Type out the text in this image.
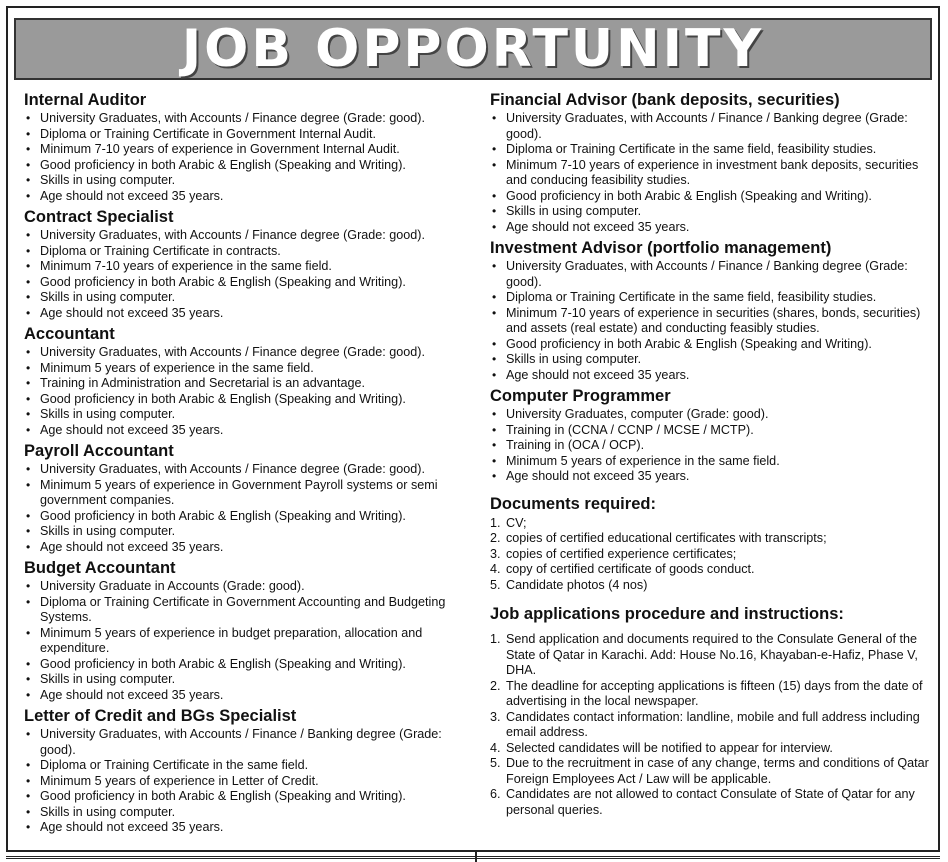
JOB OPPORTUNITY
Internal Auditor
• University Graduates, with Accounts / Finance degree (Grade: good).
• Diploma or Training Certificate in Government Internal Audit.
• Minimum 7-10 years of experience in Government Internal Audit.
• Good proficiency in both Arabic & English (Speaking and Writing).
• Skills in using computer.
• Age should not exceed 35 years.
Contract Specialist
• University Graduates, with Accounts / Finance degree (Grade: good).
• Diploma or Training Certificate in contracts.
• Minimum 7-10 years of experience in the same field.
• Good proficiency in both Arabic & English (Speaking and Writing).
• Skills in using computer.
• Age should not exceed 35 years.
Accountant
• University Graduates, with Accounts / Finance degree (Grade: good).
• Minimum 5 years of experience in the same field.
• Training in Administration and Secretarial is an advantage.
• Good proficiency in both Arabic & English (Speaking and Writing).
• Skills in using computer.
• Age should not exceed 35 years.
Payroll Accountant
• University Graduates, with Accounts / Finance degree (Grade: good).
• Minimum 5 years of experience in Government Payroll systems or semi government companies.
• Good proficiency in both Arabic & English (Speaking and Writing).
• Skills in using computer.
• Age should not exceed 35 years.
Budget Accountant
• University Graduate in Accounts (Grade: good).
• Diploma or Training Certificate in Government Accounting and Budgeting Systems.
• Minimum 5 years of experience in budget preparation, allocation and expenditure.
• Good proficiency in both Arabic & English (Speaking and Writing).
• Skills in using computer.
• Age should not exceed 35 years.
Letter of Credit and BGs Specialist
• University Graduates, with Accounts / Finance / Banking degree (Grade: good).
• Diploma or Training Certificate in the same field.
• Minimum 5 years of experience in Letter of Credit.
• Good proficiency in both Arabic & English (Speaking and Writing).
• Skills in using computer.
• Age should not exceed 35 years.
Financial Advisor (bank deposits, securities)
• University Graduates, with Accounts / Finance / Banking degree (Grade: good).
• Diploma or Training Certificate in the same field, feasibility studies.
• Minimum 7-10 years of experience in investment bank deposits, securities and conducing feasibility studies.
• Good proficiency in both Arabic & English (Speaking and Writing).
• Skills in using computer.
• Age should not exceed 35 years.
Investment Advisor (portfolio management)
• University Graduates, with Accounts / Finance / Banking degree (Grade: good).
• Diploma or Training Certificate in the same field, feasibility studies.
• Minimum 7-10 years of experience in securities (shares, bonds, securities) and assets (real estate) and conducting feasibly studies.
• Good proficiency in both Arabic & English (Speaking and Writing).
• Skills in using computer.
• Age should not exceed 35 years.
Computer Programmer
• University Graduates, computer (Grade: good).
• Training in (CCNA / CCNP / MCSE / MCTP).
• Training in (OCA / OCP).
• Minimum 5 years of experience in the same field.
• Age should not exceed 35 years.
Documents required:
1. CV;
2. copies of certified educational certificates with transcripts;
3. copies of certified experience certificates;
4. copy of certified certificate of goods conduct.
5. Candidate photos (4 nos)
Job applications procedure and instructions:
1. Send application and documents required to the Consulate General of the State of Qatar in Karachi. Add: House No.16, Khayaban-e-Hafiz, Phase V, DHA.
2. The deadline for accepting applications is fifteen (15) days from the date of advertising in the local newspaper.
3. Candidates contact information: landline, mobile and full address including email address.
4. Selected candidates will be notified to appear for interview.
5. Due to the recruitment in case of any change, terms and conditions of Qatar Foreign Employees Act / Law will be applicable.
6. Candidates are not allowed to contact Consulate of State of Qatar for any personal queries.
